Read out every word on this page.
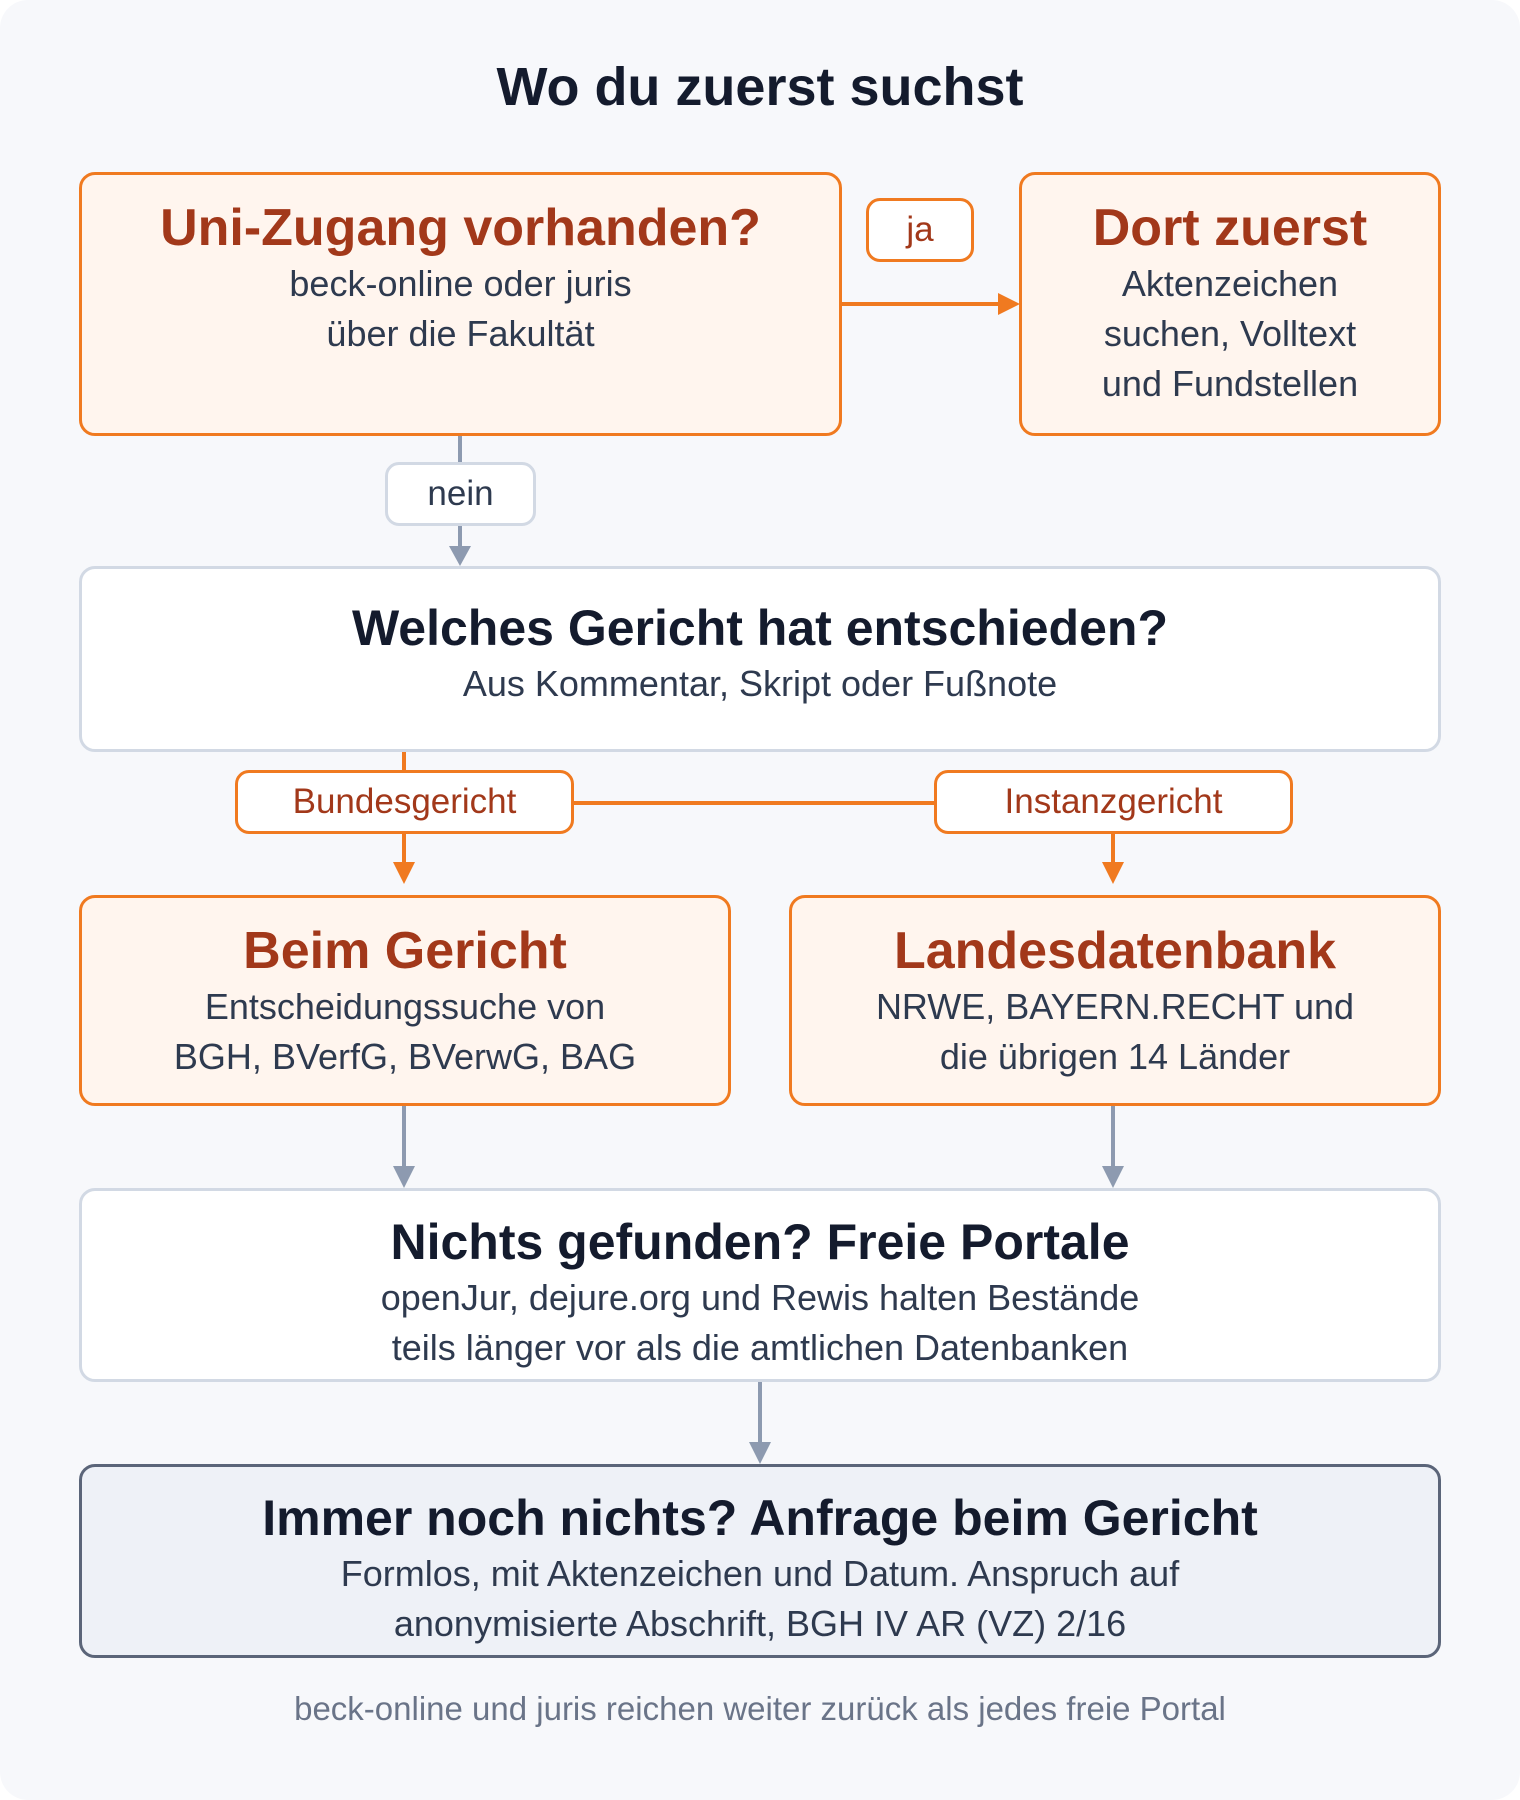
Wo du zuerst suchst
Uni-Zugang vorhanden?
beck-online oder juris
über die Fakultät
Dort zuerst
Aktenzeichen
suchen, Volltext
und Fundstellen
Welches Gericht hat entschieden?
Aus Kommentar, Skript oder Fußnote
Beim Gericht
Entscheidungssuche von
BGH, BVerfG, BVerwG, BAG
Landesdatenbank
NRWE, BAYERN.RECHT und
die übrigen 14 Länder
Nichts gefunden? Freie Portale
openJur, dejure.org und Rewis halten Bestände
teils länger vor als die amtlichen Datenbanken
Immer noch nichts? Anfrage beim Gericht
Formlos, mit Aktenzeichen und Datum. Anspruch auf
anonymisierte Abschrift, BGH IV AR (VZ) 2/16
ja
nein
Bundesgericht	Instanzgericht
beck-online und juris reichen weiter zurück als jedes freie Portal
